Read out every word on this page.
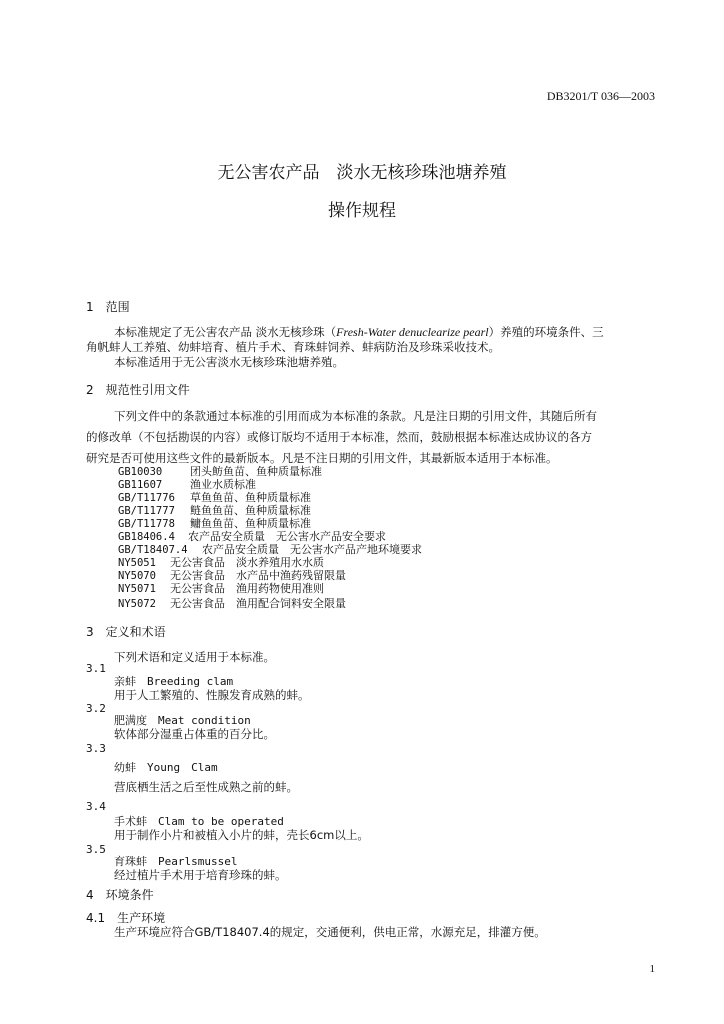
DB3201/T 036—2003
无公害农产品　淡水无核珍珠池塘养殖
操作规程
1　范围
本标准规定了无公害农产品 淡水无核珍珠（Fresh-Water denuclearize pearl）养殖的环境条件、三
角帆蚌人工养殖、幼蚌培育、植片手术、育珠蚌饲养、蚌病防治及珍珠采收技术。
本标准适用于无公害淡水无核珍珠池塘养殖。
2　规范性引用文件
下列文件中的条款通过本标准的引用而成为本标准的条款。凡是注日期的引用文件，其随后所有
的修改单（不包括勘误的内容）或修订版均不适用于本标准，然而，鼓励根据本标准达成协议的各方
研究是否可使用这些文件的最新版本。凡是不注日期的引用文件，其最新版本适用于本标准。
GB10030	团头鲂鱼苗、鱼种质量标准
GB11607	渔业水质标准
GB/T11776 草鱼鱼苗、鱼种质量标准
GB/T11777 鲢鱼鱼苗、鱼种质量标准
GB/T11778 鳙鱼鱼苗、鱼种质量标准
GB18406.4 农产品安全质量　无公害水产品安全要求
GB/T18407.4 农产品安全质量　无公害水产品产地环境要求
NY5051 无公害食品　淡水养殖用水水质
NY5070 无公害食品　水产品中渔药残留限量
NY5071 无公害食品　渔用药物使用准则
NY5072 无公害食品　渔用配合饲料安全限量
3　定义和术语
下列术语和定义适用于本标准。
3.1
亲蚌　Breeding clam
用于人工繁殖的、性腺发育成熟的蚌。
3.2
肥满度　Meat condition
软体部分湿重占体重的百分比。
3.3
幼蚌　Young　Clam
营底栖生活之后至性成熟之前的蚌。
3.4
手术蚌　Clam to be operated
用于制作小片和被植入小片的蚌，壳长6cm以上。
3.5
育珠蚌　Pearlsmussel
经过植片手术用于培育珍珠的蚌。
4　环境条件
4.1　生产环境
生产环境应符合GB/T18407.4的规定，交通便利，供电正常，水源充足，排灌方便。
1
